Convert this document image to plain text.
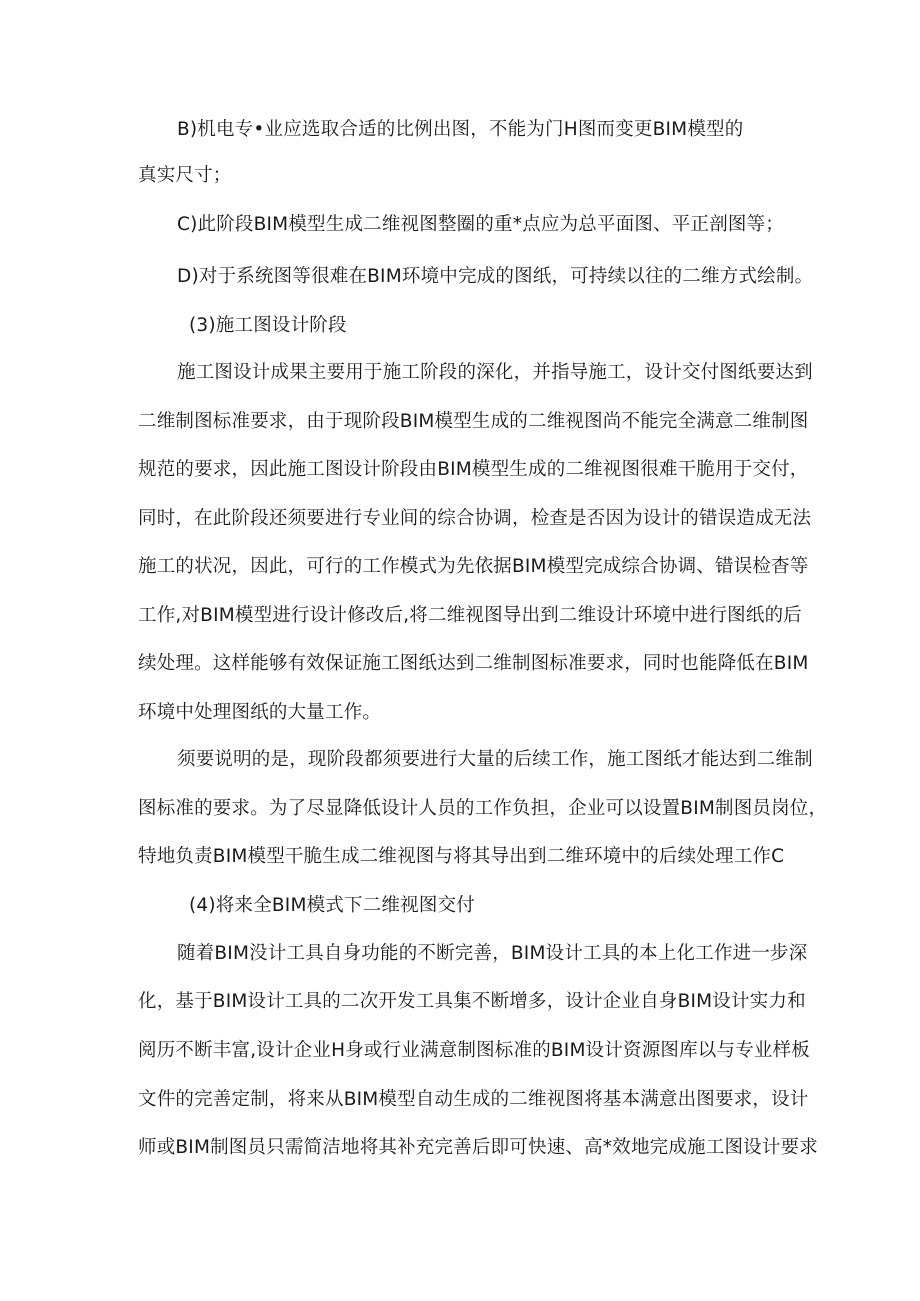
B)机电专•业应选取合适的比例出图，不能为门H图而变更BIM模型的
真实尺寸；
C)此阶段BIM模型生成二维视图整圈的重*点应为总平面图、平正剖图等；
D)对于系统图等很难在BIM环境中完成的图纸，可持续以往的二维方式绘制。
(3)施工图设计阶段
施工图设计成果主要用于施工阶段的深化，并指导施工，设计交付图纸要达到
二维制图标准要求，由于现阶段BIM模型生成的二维视图尚不能完全满意二维制图
规范的要求，因此施工图设计阶段由BIM模型生成的二维视图很难干脆用于交付，
同时，在此阶段还须要进行专业间的综合协调，检查是否因为设计的错误造成无法
施工的状况，因此，可行的工作模式为先依据BIM模型完成综合协调、错误检杳等
工作,对BIM模型进行设计修改后,将二维视图导出到二维设计环境中进行图纸的后
续处理。这样能够有效保证施工图纸达到二维制图标准要求，同时也能降低在BIM
环境中处理图纸的大量工作。
须要说明的是，现阶段都须要进行大量的后续工作，施工图纸才能达到二维制
图标准的要求。为了尽显降低设计人员的工作负担，企业可以设置BIM制图员岗位，
特地负责BIM模型干脆生成二维视图与将其导出到二维环境中的后续处理工作C
(4)将来全BIM模式下二维视图交付
随着BIM没计工具自身功能的不断完善，BIM设计工具的本上化工作进一步深
化，基于BIM设计工具的二次开发工具集不断增多，设计企业自身BIM设计实力和
阅历不断丰富,设计企业H身或行业满意制图标准的BIM设计资源图库以与专业样板
文件的完善定制，将来从BIM模型自动生成的二维视图将基本满意出图要求，设计
师或BIM制图员只需简洁地将其补充完善后即可快速、高*效地完成施工图设计要求
